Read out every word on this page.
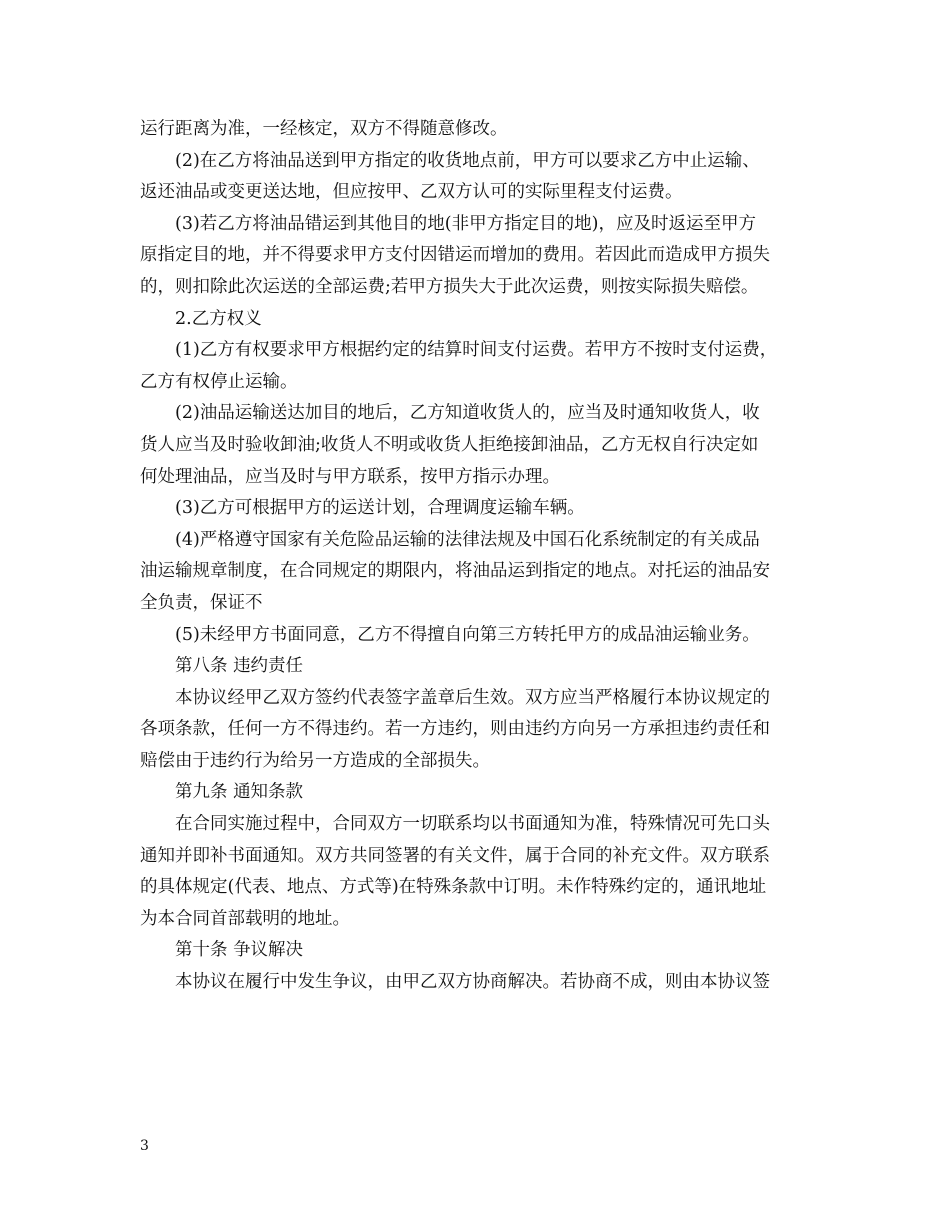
运行距离为准，一经核定，双方不得随意修改。
(2)在乙方将油品送到甲方指定的收货地点前，甲方可以要求乙方中止运输、
返还油品或变更送达地，但应按甲、乙双方认可的实际里程支付运费。
(3)若乙方将油品错运到其他目的地(非甲方指定目的地)，应及时返运至甲方
原指定目的地，并不得要求甲方支付因错运而增加的费用。若因此而造成甲方损失
的，则扣除此次运送的全部运费;若甲方损失大于此次运费，则按实际损失赔偿。
2.乙方权义
(1)乙方有权要求甲方根据约定的结算时间支付运费。若甲方不按时支付运费，
乙方有权停止运输。
(2)油品运输送达加目的地后，乙方知道收货人的，应当及时通知收货人，收
货人应当及时验收卸油;收货人不明或收货人拒绝接卸油品，乙方无权自行决定如
何处理油品，应当及时与甲方联系，按甲方指示办理。
(3)乙方可根据甲方的运送计划，合理调度运输车辆。
(4)严格遵守国家有关危险品运输的法律法规及中国石化系统制定的有关成品
油运输规章制度，在合同规定的期限内，将油品运到指定的地点。对托运的油品安
全负责，保证不
(5)未经甲方书面同意，乙方不得擅自向第三方转托甲方的成品油运输业务。
第八条 违约责任
本协议经甲乙双方签约代表签字盖章后生效。双方应当严格履行本协议规定的
各项条款，任何一方不得违约。若一方违约，则由违约方向另一方承担违约责任和
赔偿由于违约行为给另一方造成的全部损失。
第九条 通知条款
在合同实施过程中，合同双方一切联系均以书面通知为准，特殊情况可先口头
通知并即补书面通知。双方共同签署的有关文件，属于合同的补充文件。双方联系
的具体规定(代表、地点、方式等)在特殊条款中订明。未作特殊约定的，通讯地址
为本合同首部载明的地址。
第十条 争议解决
本协议在履行中发生争议，由甲乙双方协商解决。若协商不成，则由本协议签
3
